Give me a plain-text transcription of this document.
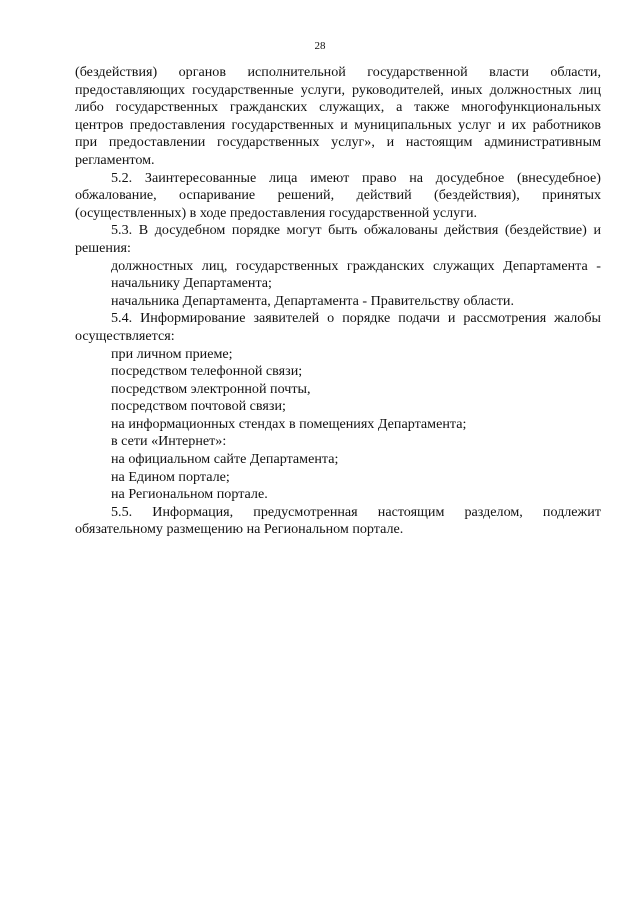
28

(бездействия) органов исполнительной государственной власти области, предоставляющих государственные услуги, руководителей, иных должностных лиц либо государственных гражданских служащих, а также многофункциональных центров предоставления государственных и муниципальных услуг и их работников при предоставлении государственных услуг», и настоящим административным регламентом.

5.2. Заинтересованные лица имеют право на досудебное (внесудебное) обжалование, оспаривание решений, действий (бездействия), принятых (осуществленных) в ходе предоставления государственной услуги.

5.3. В досудебном порядке могут быть обжалованы действия (бездействие) и решения:

должностных лиц, государственных гражданских служащих Департамента - начальнику Департамента;

начальника Департамента, Департамента - Правительству области.

5.4. Информирование заявителей о порядке подачи и рассмотрения жалобы осуществляется:

при личном приеме;

посредством телефонной связи;

посредством электронной почты,

посредством почтовой связи;

на информационных стендах в помещениях Департамента;

в сети «Интернет»:

на официальном сайте Департамента;

на Едином портале;

на Региональном портале.

5.5. Информация, предусмотренная настоящим разделом, подлежит обязательному размещению на Региональном портале.
